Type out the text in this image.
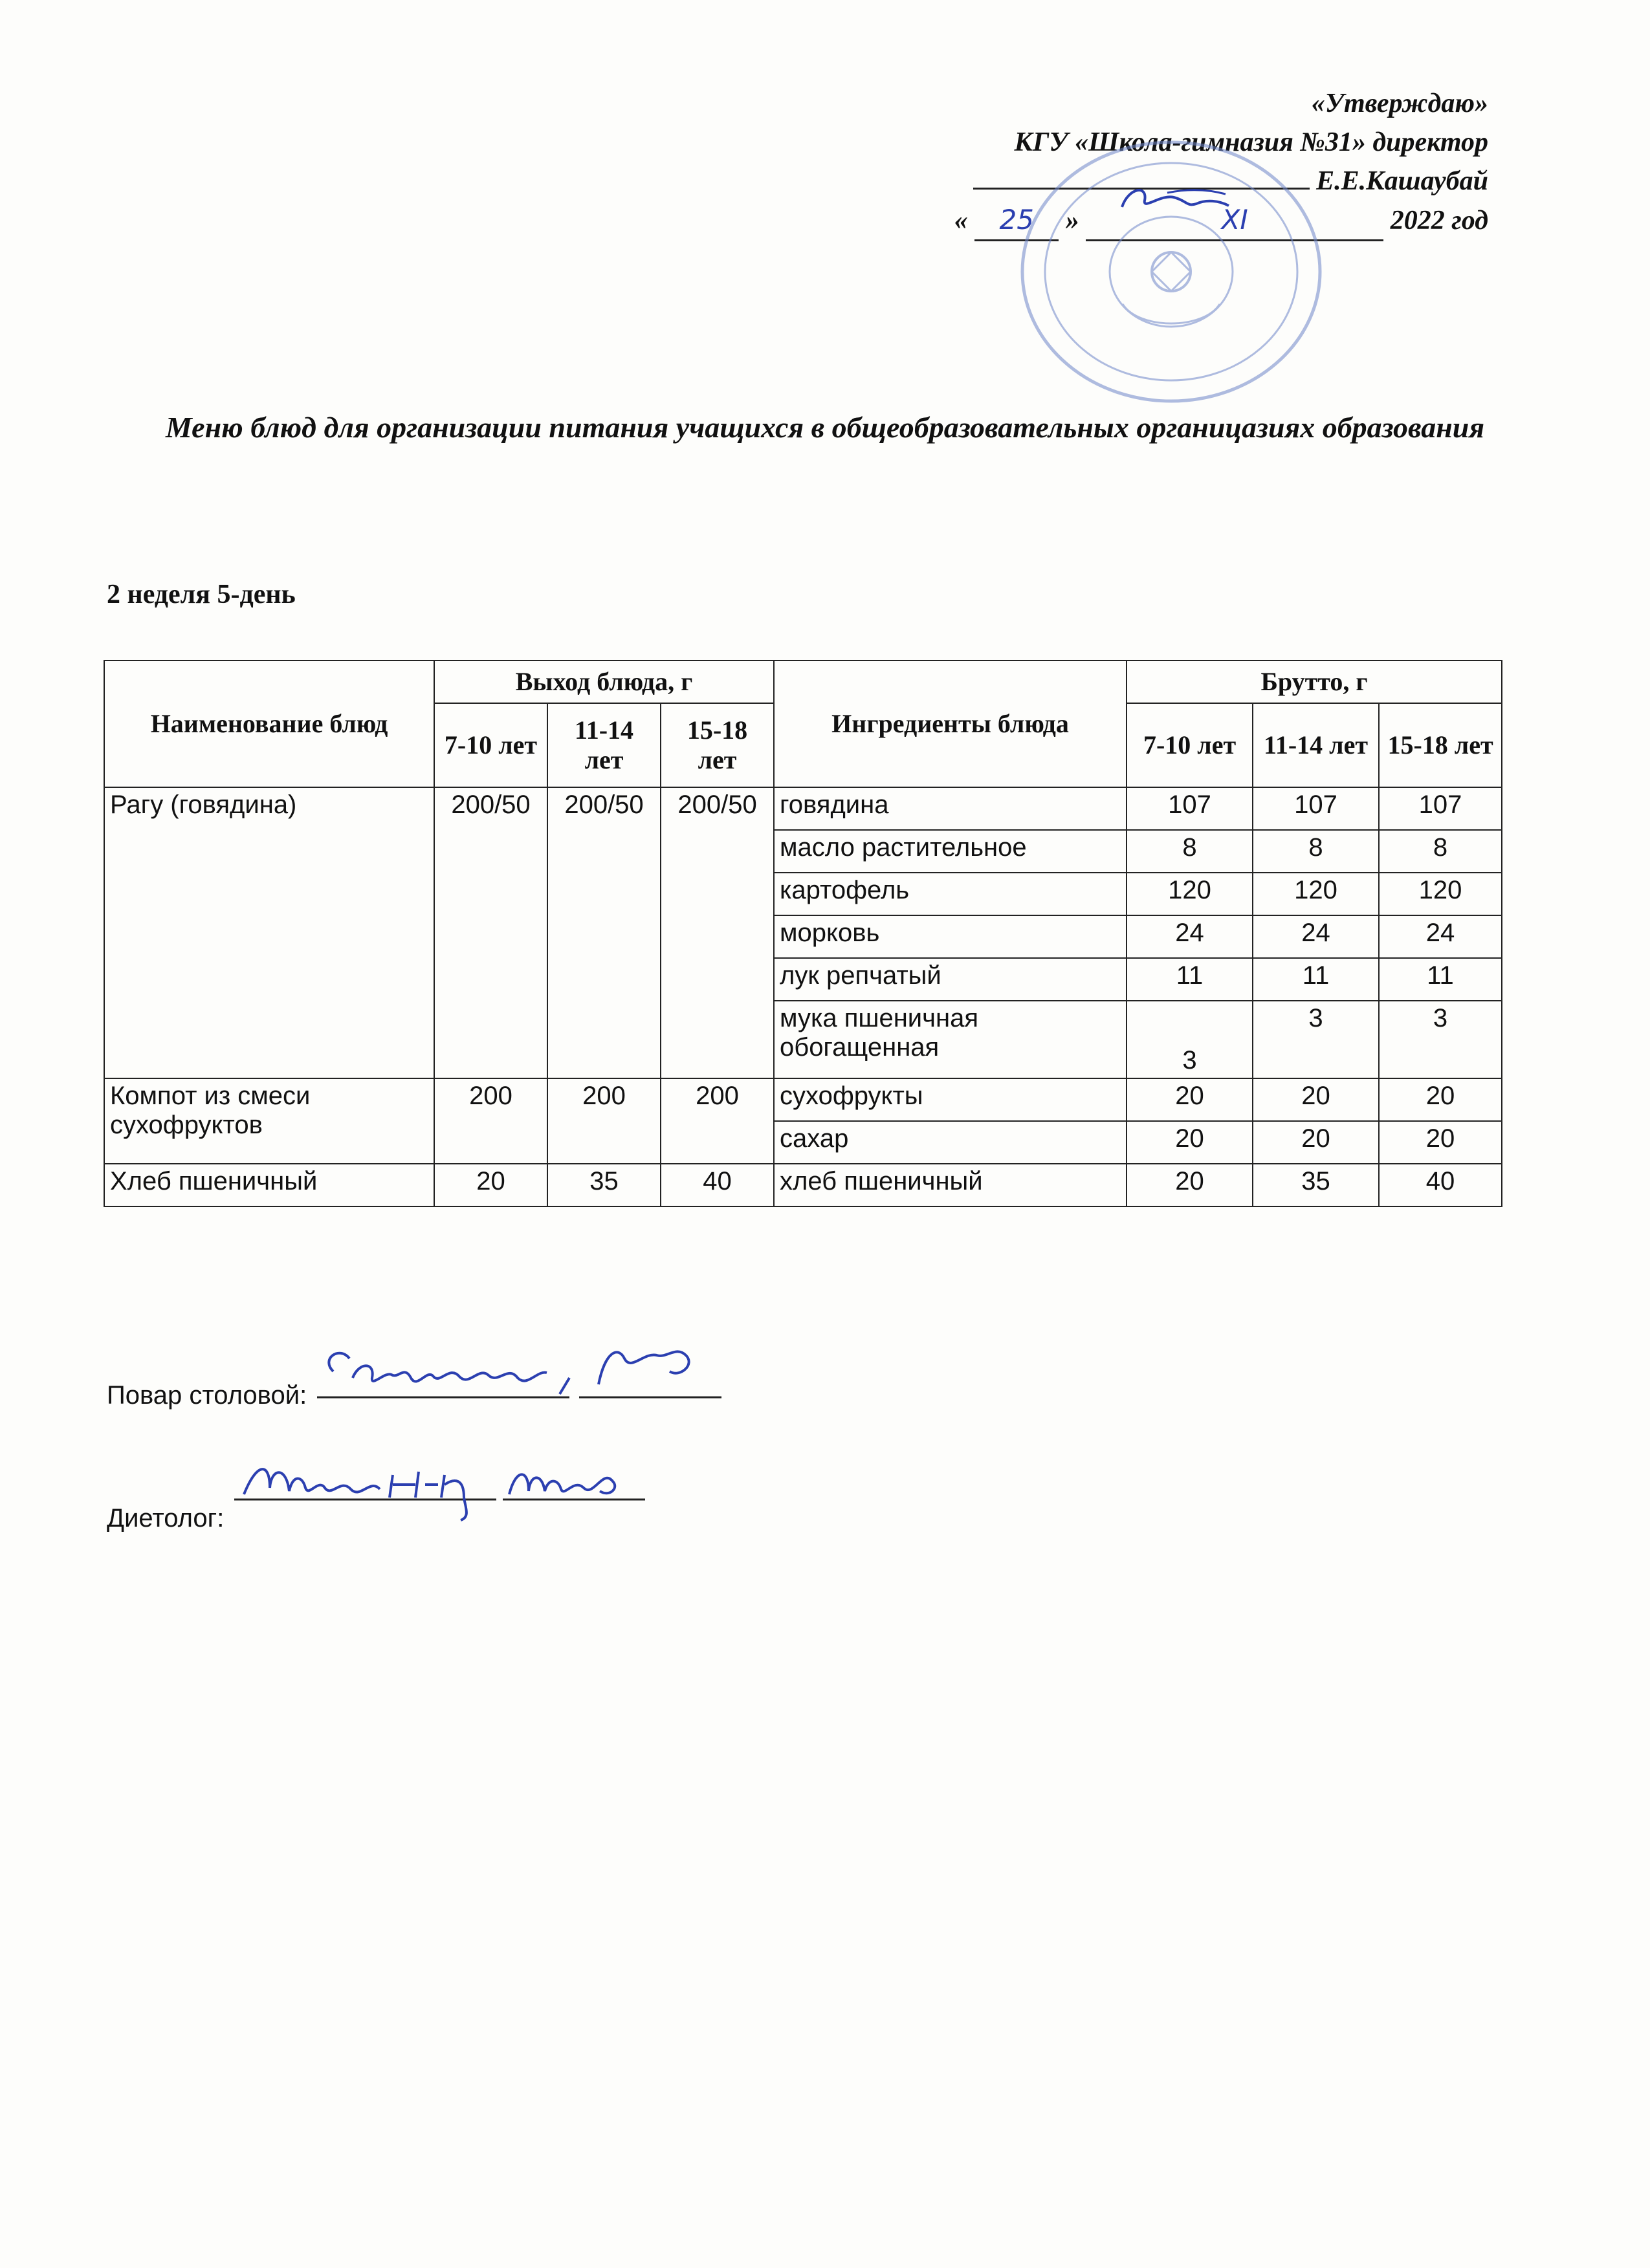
«Утверждаю»
КГУ «Школа-гимназия №31» директор
Е.Е.Кашаубай
« 25 »	XI	2022 год
Меню блюд для организации питания учащихся в общеобразовательных органицазиях образования
2 неделя 5-день
Наименование блюд	Выход блюда, г			Ингредиенты блюда	Брутто, г		
	7-10 лет	11-14 лет	15-18 лет		7-10 лет	11-14 лет	15-18 лет
Рагу (говядина)	200/50	200/50	200/50	говядина	107	107	107
				масло растительное	8	8	8
				картофель	120	120	120
				морковь	24	24	24
				лук репчатый	11	11	11
				мука пшеничная обогащенная	3	3	3
Компот из смеси сухофруктов	200	200	200	сухофрукты	20	20	20
				сахар	20	20	20
Хлеб пшеничный	20	35	40	хлеб пшеничный	20	35	40
Повар столовой:
Диетолог:
